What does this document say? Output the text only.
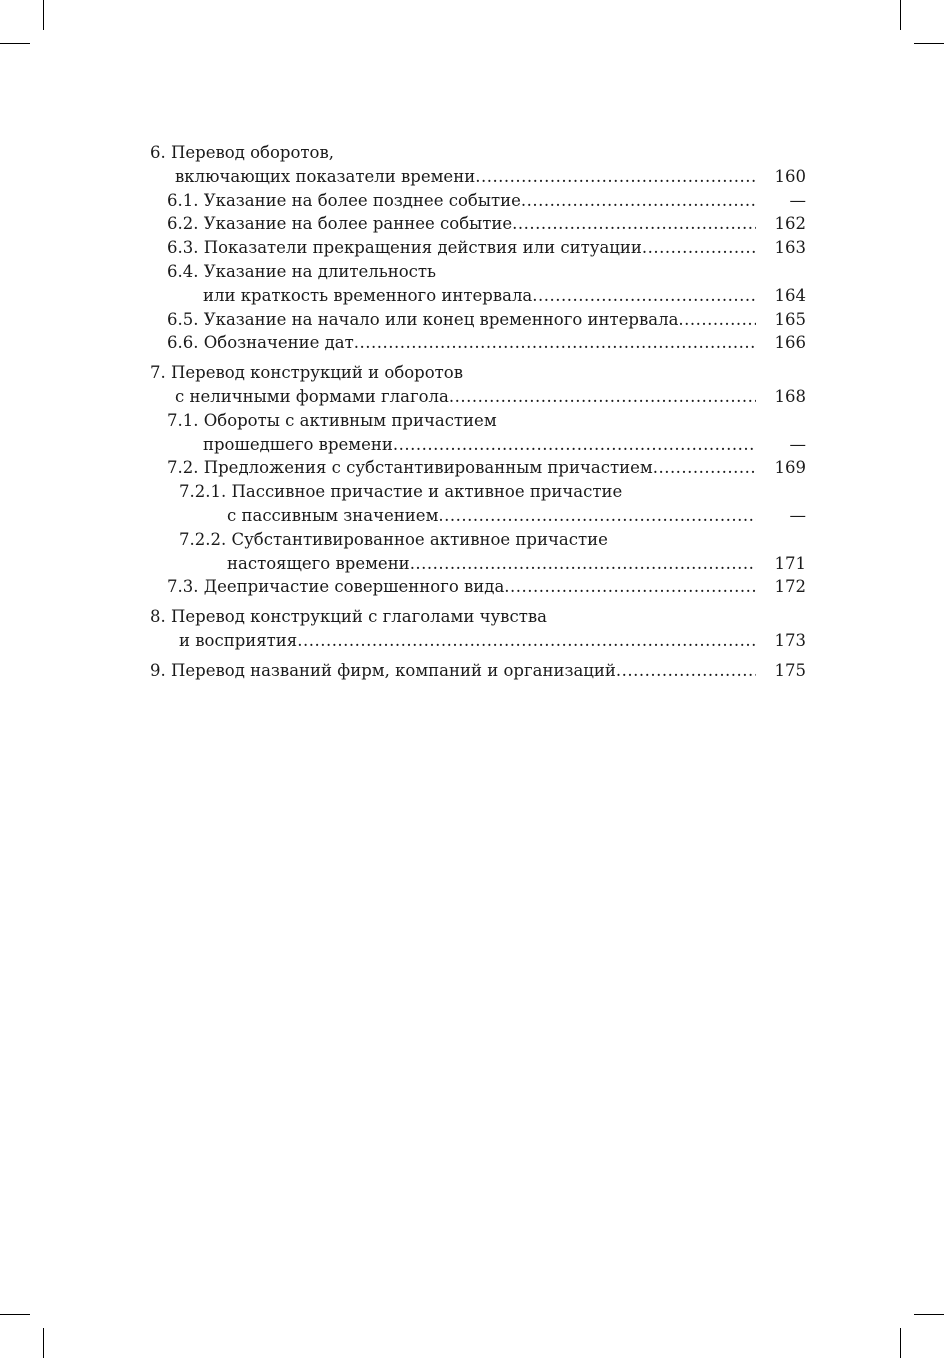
6. Перевод оборотов,
включающих показатели времени .....	160
6.1. Указание на более позднее событие .....	—
6.2. Указание на более раннее событие .....	162
6.3. Показатели прекращения действия или ситуации .....	163
6.4. Указание на длительность
или краткость временного интервала .....	164
6.5. Указание на начало или конец временного интервала .....	165
6.6. Обозначение дат .....	166
7. Перевод конструкций и оборотов
с неличными формами глагола .....	168
7.1. Обороты с активным причастием
прошедшего времени .....	—
7.2. Предложения с субстантивированным причастием .....	169
7.2.1. Пассивное причастие и активное причастие
с пассивным значением .....	—
7.2.2. Субстантивированное активное причастие
настоящего времени .....	171
7.3. Деепричастие совершенного вида .....	172
8. Перевод конструкций с глаголами чувства
и восприятия .....	173
9. Перевод названий фирм, компаний и организаций .....	175
